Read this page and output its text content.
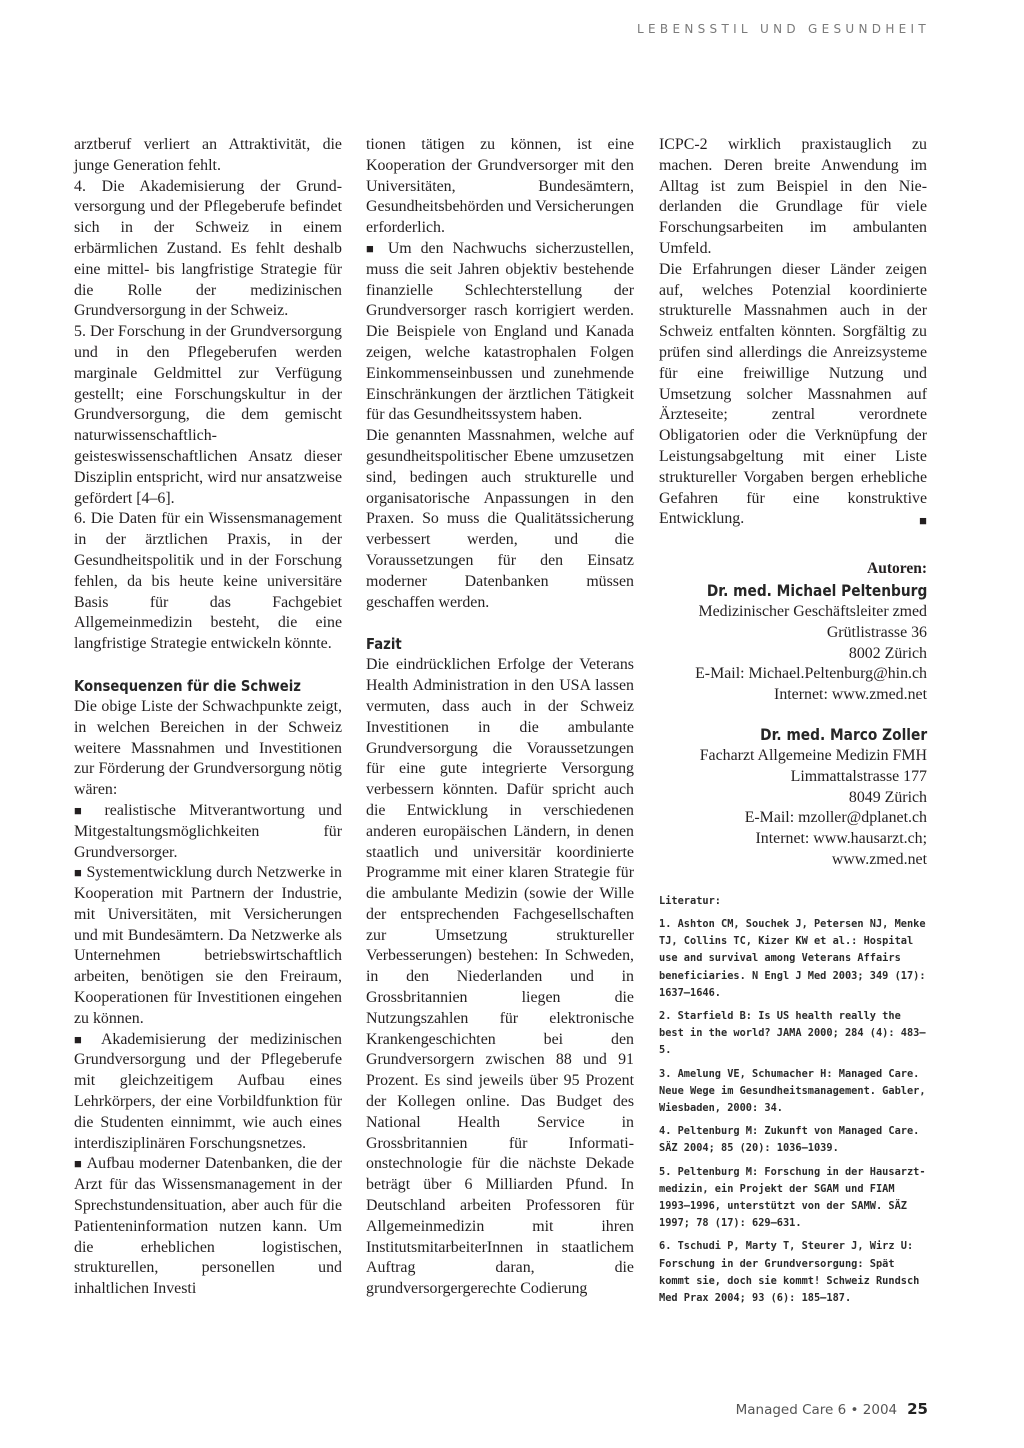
LEBENSSTIL UND GESUNDHEIT

arztberuf verliert an Attraktivität, die junge Generation fehlt.

4. Die Akademisierung der Grundversorgung und der Pflegeberufe befindet sich in der Schweiz in einem erbärmlichen Zustand. Es fehlt deshalb eine mittel- bis langfristige Strategie für die Rolle der medizinischen Grundversorgung in der Schweiz.

5. Der Forschung in der Grundversorgung und in den Pflegeberufen werden marginale Geldmittel zur Verfügung gestellt; eine Forschungskultur in der Grundversorgung, die dem gemischt naturwissenschaftlich-geisteswissenschaftlichen Ansatz dieser Disziplin entspricht, wird nur ansatzweise gefördert [4–6].

6. Die Daten für ein Wissensmanagement in der ärztlichen Praxis, in der Gesundheitspolitik und in der Forschung fehlen, da bis heute keine universitäre Basis für das Fachgebiet Allgemeinmedizin besteht, die eine langfristige Strategie entwickeln könnte.

Konsequenzen für die Schweiz

Die obige Liste der Schwachpunkte zeigt, in welchen Bereichen in der Schweiz weitere Massnahmen und Investitionen zur Förderung der Grundversorgung nötig wären:

■ realistische Mitverantwortung und Mitgestaltungsmöglichkeiten für Grundversorger.

■ Systementwicklung durch Netzwerke in Kooperation mit Partnern der Industrie, mit Universitäten, mit Versicherungen und mit Bundesämtern. Da Netzwerke als Unternehmen betriebswirtschaftlich arbeiten, benötigen sie den Freiraum, Kooperationen für Investitionen eingehen zu können.

■ Akademisierung der medizinischen Grundversorgung und der Pflegeberufe mit gleichzeitigem Aufbau eines Lehrkörpers, der eine Vorbildfunktion für die Studenten einnimmt, wie auch eines interdisziplinären Forschungsnetzes.

■ Aufbau moderner Datenbanken, die der Arzt für das Wissensmanagement in der Sprechstundensituation, aber auch für die Patienteninformation nutzen kann. Um die erheblichen logistischen, strukturellen, personellen und inhaltlichen Investi

tionen tätigen zu können, ist eine Kooperation der Grundversorger mit den Universitäten, Bundesämtern, Gesundheitsbehörden und Versicherungen erforderlich.

■ Um den Nachwuchs sicherzustellen, muss die seit Jahren objektiv bestehende finanzielle Schlechterstellung der Grundversorger rasch korrigiert werden. Die Beispiele von England und Kanada zeigen, welche katastrophalen Folgen Einkommenseinbussen und zunehmende Einschränkungen der ärztlichen Tätigkeit für das Gesundheitssystem haben.

Die genannten Massnahmen, welche auf gesundheitspolitischer Ebene umzusetzen sind, bedingen auch strukturelle und organisatorische Anpassungen in den Praxen. So muss die Qualitätssicherung verbessert werden, und die Voraussetzungen für den Einsatz moderner Datenbanken müssen geschaffen werden.

Fazit

Die eindrücklichen Erfolge der Veterans Health Administration in den USA lassen vermuten, dass auch in der Schweiz Investitionen in die ambulante Grundversorgung die Voraussetzungen für eine gute integrierte Versorgung verbessern könnten. Dafür spricht auch die Entwicklung in verschiedenen anderen europäischen Ländern, in denen staatlich und universitär koordinierte Programme mit einer klaren Strategie für die ambulante Medizin (sowie der Wille der entsprechenden Fachgesellschaften zur Umsetzung struktureller Verbesserungen) bestehen: In Schweden, in den Niederlanden und in Grossbritannien liegen die Nutzungszahlen für elektronische Krankengeschichten bei den Grundversorgern zwischen 88 und 91 Prozent. Es sind jeweils über 95 Prozent der Kollegen online. Das Budget des National Health Service in Grossbritannien für Informationstechnologie für die nächste Dekade beträgt über 6 Milliarden Pfund. In Deutschland arbeiten Professoren für Allgemeinmedizin mit ihren InstitutsmitarbeiterInnen in staatlichem Auftrag daran, die grundversorgergerechte Codierung

ICPC-2 wirklich praxistauglich zu machen. Deren breite Anwendung im Alltag ist zum Beispiel in den Niederlanden die Grundlage für viele Forschungsarbeiten im ambulanten Umfeld.

Die Erfahrungen dieser Länder zeigen auf, welches Potenzial koordinierte strukturelle Massnahmen auch in der Schweiz entfalten könnten. Sorgfältig zu prüfen sind allerdings die Anreizsysteme für eine freiwillige Nutzung und Umsetzung solcher Massnahmen auf Ärzteseite; zentral verordnete Obligatorien oder die Verknüpfung der Leistungsabgeltung mit einer Liste struktureller Vorgaben bergen erhebliche Gefahren für eine konstruktive Entwicklung.	■

Autoren:

Dr. med. Michael Peltenburg

Medizinischer Geschäftsleiter zmed

Grütlistrasse 36

8002 Zürich

E-Mail: Michael.Peltenburg@hin.ch

Internet: www.zmed.net

Dr. med. Marco Zoller

Facharzt Allgemeine Medizin FMH

Limmattalstrasse 177

8049 Zürich

E-Mail: mzoller@dplanet.ch

Internet: www.hausarzt.ch;

www.zmed.net

Literatur:

1. Ashton CM, Souchek J, Petersen NJ, Menke TJ, Collins TC, Kizer KW et al.: Hospital use and survival among Veterans Affairs beneficiaries. N Engl J Med 2003; 349 (17): 1637–1646.

2. Starfield B: Is US health really the best in the world? JAMA 2000; 284 (4): 483–5.

3. Amelung VE, Schumacher H: Managed Care. Neue Wege im Gesundheitsmanagement. Gabler, Wiesbaden, 2000: 34.

4. Peltenburg M: Zukunft von Managed Care. SÄZ 2004; 85 (20): 1036–1039.

5. Peltenburg M: Forschung in der Hausarztmedizin, ein Projekt der SGAM und FIAM 1993–1996, unterstützt von der SAMW. SÄZ 1997; 78 (17): 629–631.

6. Tschudi P, Marty T, Steurer J, Wirz U: Forschung in der Grundversorgung: Spät kommt sie, doch sie kommt! Schweiz Rundsch Med Prax 2004; 93 (6): 185–187.

Managed Care 6 • 2004 25
